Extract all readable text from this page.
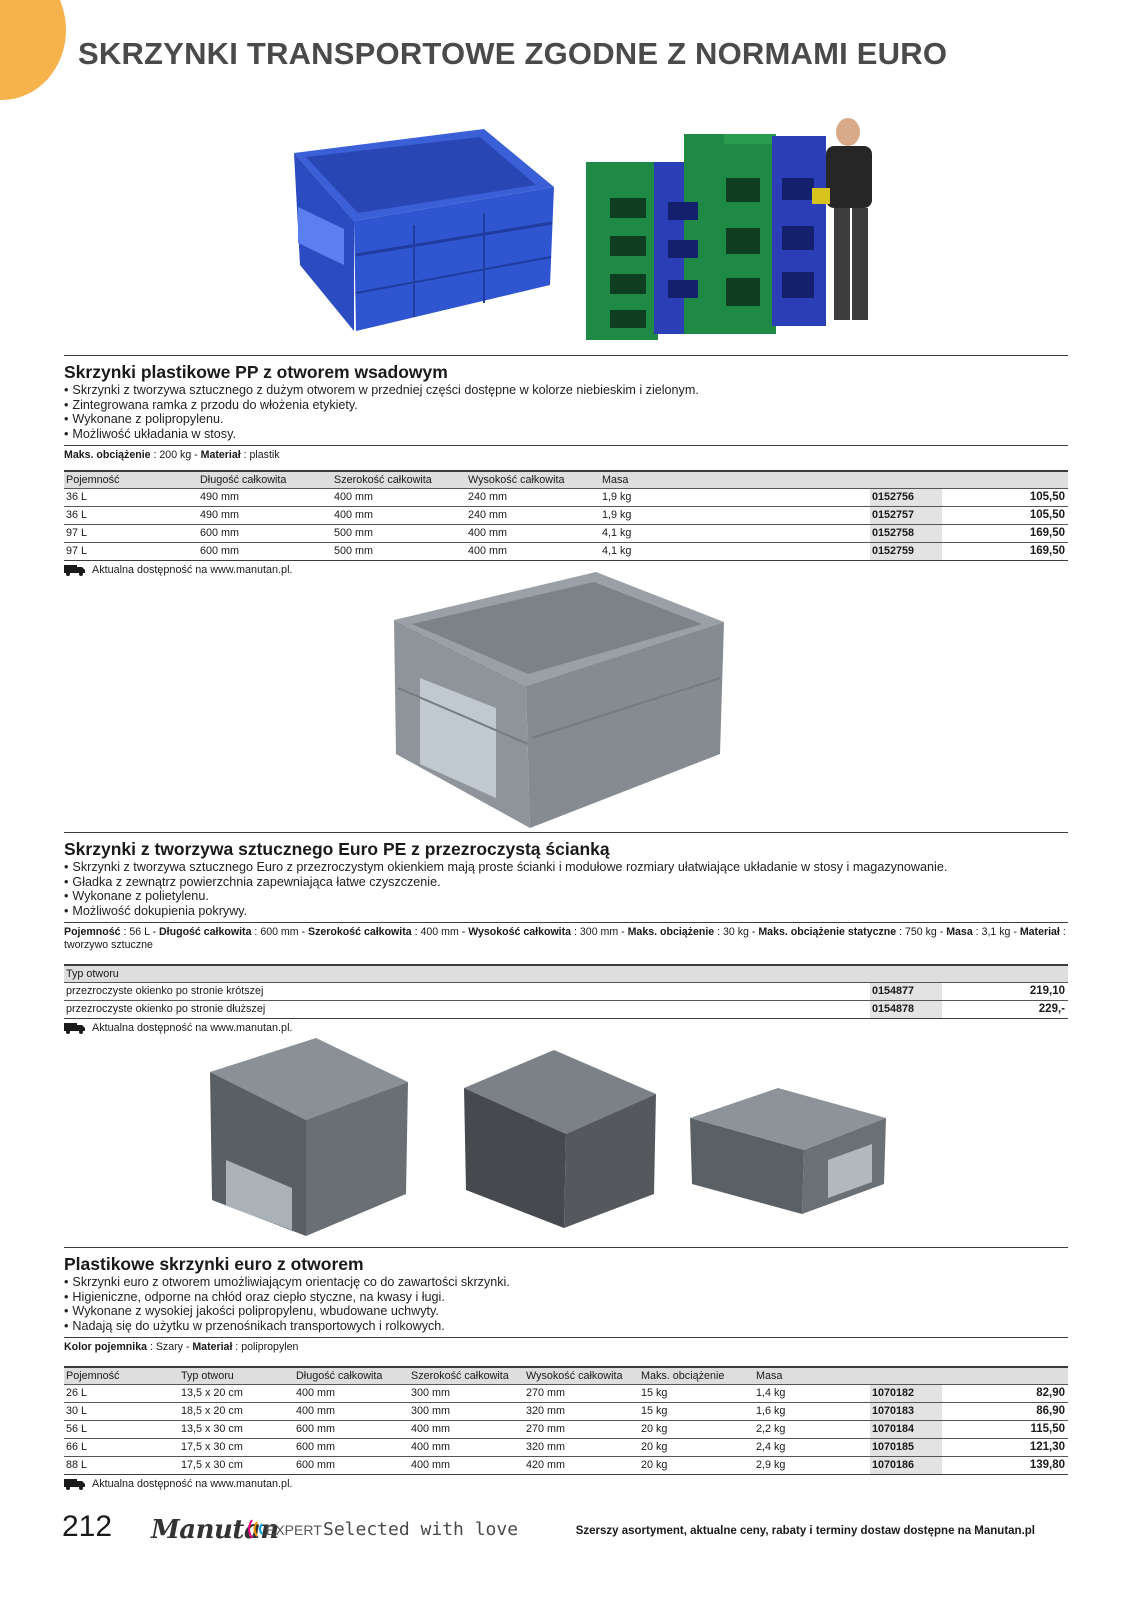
SKRZYNKI TRANSPORTOWE ZGODNE Z NORMAMI EURO
Skrzynki plastikowe PP z otworem wsadowym
• Skrzynki z tworzywa sztucznego z dużym otworem w przedniej części dostępne w kolorze niebieskim i zielonym.
• Zintegrowana ramka z przodu do włożenia etykiety.
• Wykonane z polipropylenu.
• Możliwość układania w stosy.
Maks. obciążenie : 200 kg - Materiał : plastik
Pojemność	Długość całkowita	Szerokość całkowita	Wysokość całkowita	Masa		
36 L	490 mm	400 mm	240 mm	1,9 kg	0152756	105,50
36 L	490 mm	400 mm	240 mm	1,9 kg	0152757	105,50
97 L	600 mm	500 mm	400 mm	4,1 kg	0152758	169,50
97 L	600 mm	500 mm	400 mm	4,1 kg	0152759	169,50
Aktualna dostępność na www.manutan.pl.
Skrzynki z tworzywa sztucznego Euro PE z przezroczystą ścianką
• Skrzynki z tworzywa sztucznego Euro z przezroczystym okienkiem mają proste ścianki i modułowe rozmiary ułatwiające układanie w stosy i magazynowanie.
• Gładka z zewnątrz powierzchnia zapewniająca łatwe czyszczenie.
• Wykonane z polietylenu.
• Możliwość dokupienia pokrywy.
Pojemność : 56 L - Długość całkowita : 600 mm - Szerokość całkowita : 400 mm - Wysokość całkowita : 300 mm - Maks. obciążenie : 30 kg - Maks. obciążenie statyczne : 750 kg - Masa : 3,1 kg - Materiał : tworzywo sztuczne
Typ otworu		
przezroczyste okienko po stronie krótszej	0154877	219,10
przezroczyste okienko po stronie dłuższej	0154878	229,-
Aktualna dostępność na www.manutan.pl.
Plastikowe skrzynki euro z otworem
• Skrzynki euro z otworem umożliwiającym orientację co do zawartości skrzynki.
• Higieniczne, odporne na chłód oraz ciepło styczne, na kwasy i ługi.
• Wykonane z wysokiej jakości polipropylenu, wbudowane uchwyty.
• Nadają się do użytku w przenośnikach transportowych i rolkowych.
Kolor pojemnika : Szary - Materiał : polipropylen
Pojemność	Typ otworu	Długość całkowita	Szerokość całkowita	Wysokość całkowita	Maks. obciążenie	Masa		
26 L	13,5 x 20 cm	400 mm	300 mm	270 mm	15 kg	1,4 kg	1070182	82,90
30 L	18,5 x 20 cm	400 mm	300 mm	320 mm	15 kg	1,6 kg	1070183	86,90
56 L	13,5 x 30 cm	600 mm	400 mm	270 mm	20 kg	2,2 kg	1070184	115,50
66 L	17,5 x 30 cm	600 mm	400 mm	320 mm	20 kg	2,4 kg	1070185	121,30
88 L	17,5 x 30 cm	600 mm	400 mm	420 mm	20 kg	2,9 kg	1070186	139,80
Aktualna dostępność na www.manutan.pl.
212 Manutan
EXPERT Selected with love	Szerszy asortyment, aktualne ceny, rabaty i terminy dostaw dostępne na Manutan.pl
